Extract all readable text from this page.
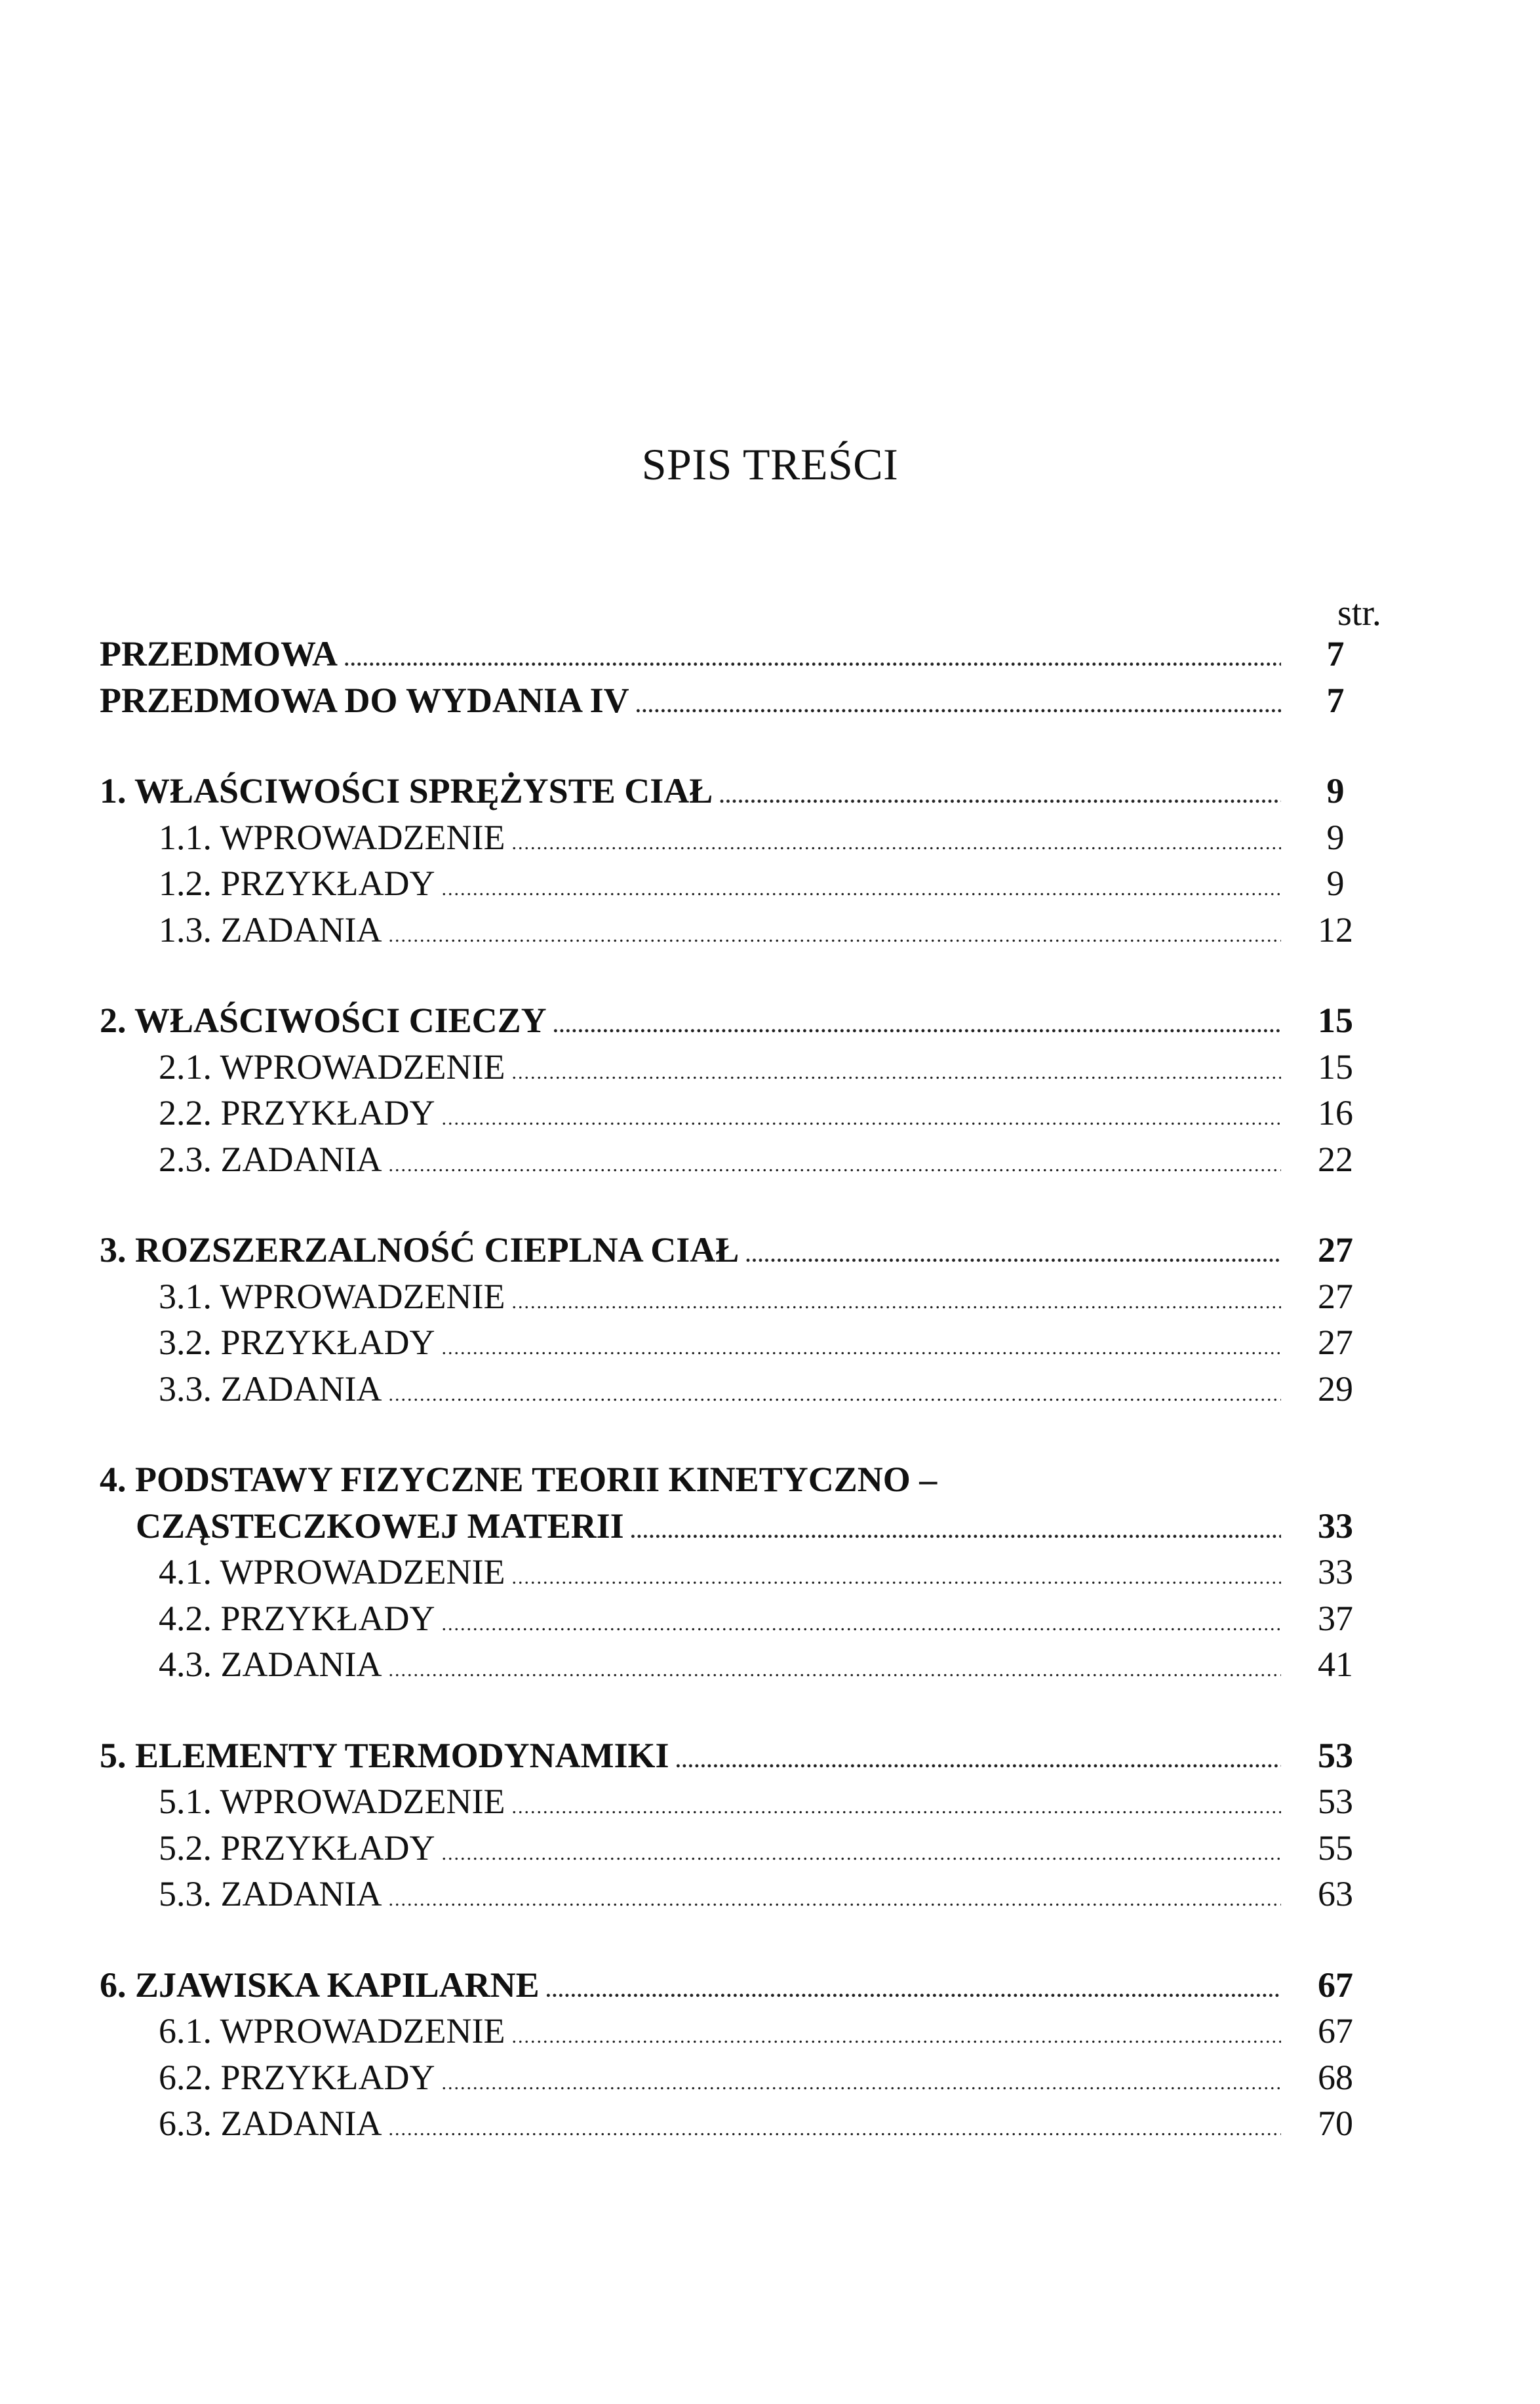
SPIS TREŚCI
str.
PRZEDMOWA .....	7
PRZEDMOWA DO WYDANIA IV .....	7
1. WŁAŚCIWOŚCI SPRĘŻYSTE CIAŁ .....	9
1.1. WPROWADZENIE .....	9
1.2. PRZYKŁADY .....	9
1.3. ZADANIA .....	12
2. WŁAŚCIWOŚCI CIECZY .....	15
2.1. WPROWADZENIE .....	15
2.2. PRZYKŁADY .....	16
2.3. ZADANIA .....	22
3. ROZSZERZALNOŚĆ CIEPLNA CIAŁ .....	27
3.1. WPROWADZENIE .....	27
3.2. PRZYKŁADY .....	27
3.3. ZADANIA .....	29
4. PODSTAWY FIZYCZNE TEORII KINETYCZNO –
CZĄSTECZKOWEJ MATERII .....	33
4.1. WPROWADZENIE .....	33
4.2. PRZYKŁADY .....	37
4.3. ZADANIA .....	41
5. ELEMENTY TERMODYNAMIKI .....	53
5.1. WPROWADZENIE .....	53
5.2. PRZYKŁADY .....	55
5.3. ZADANIA .....	63
6. ZJAWISKA KAPILARNE .....	67
6.1. WPROWADZENIE .....	67
6.2. PRZYKŁADY .....	68
6.3. ZADANIA .....	70
